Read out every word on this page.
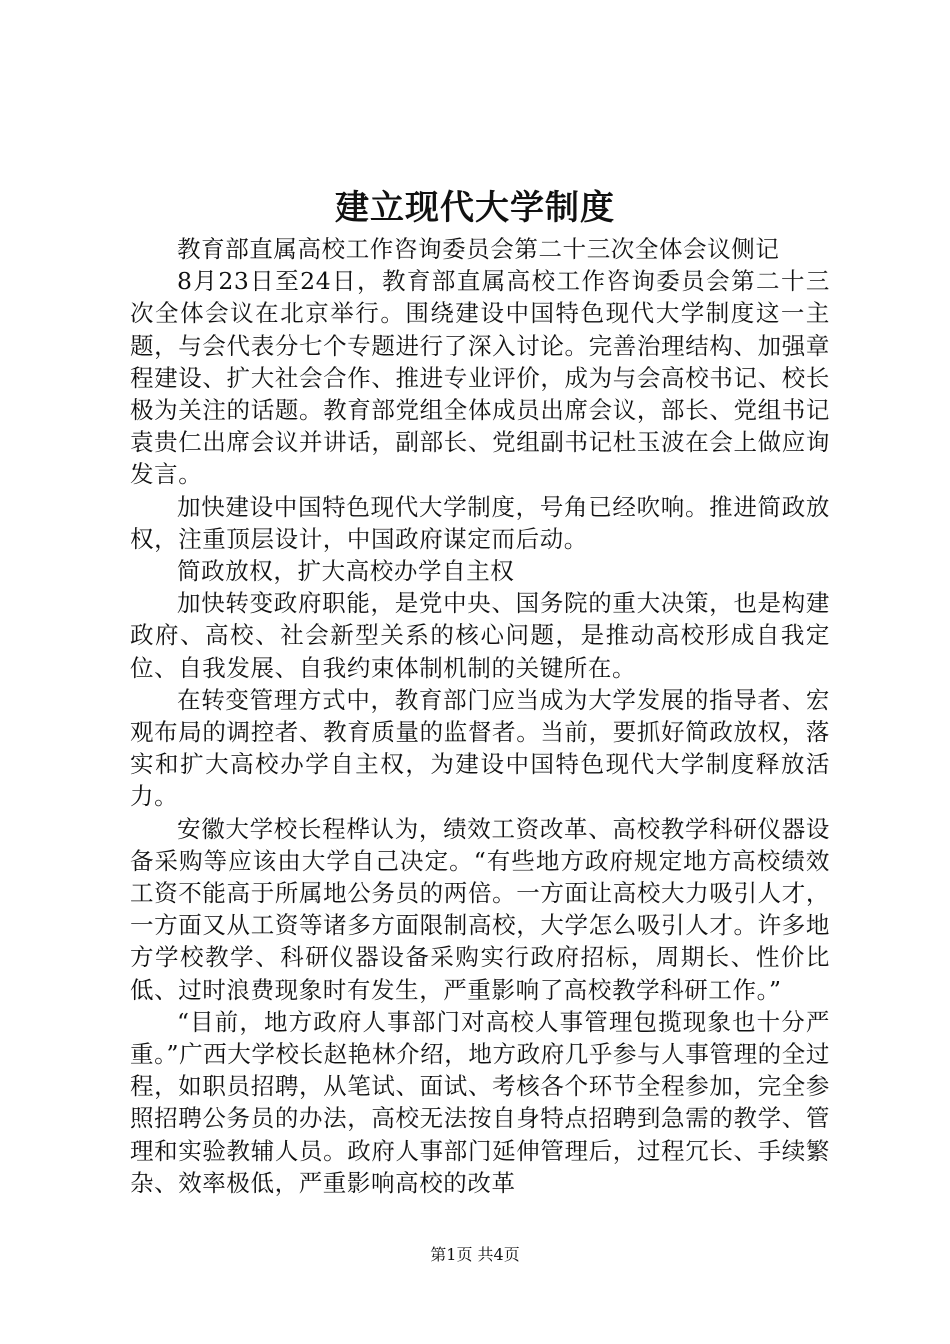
建立现代大学制度

教育部直属高校工作咨询委员会第二十三次全体会议侧记

8月23日至24日，教育部直属高校工作咨询委员会第二十三次全体会议在北京举行。围绕建设中国特色现代大学制度这一主题，与会代表分七个专题进行了深入讨论。完善治理结构、加强章程建设、扩大社会合作、推进专业评价，成为与会高校书记、校长极为关注的话题。教育部党组全体成员出席会议，部长、党组书记袁贵仁出席会议并讲话，副部长、党组副书记杜玉波在会上做应询发言。

加快建设中国特色现代大学制度，号角已经吹响。推进简政放权，注重顶层设计，中国政府谋定而后动。

简政放权，扩大高校办学自主权

加快转变政府职能，是党中央、国务院的重大决策，也是构建政府、高校、社会新型关系的核心问题，是推动高校形成自我定位、自我发展、自我约束体制机制的关键所在。

在转变管理方式中，教育部门应当成为大学发展的指导者、宏观布局的调控者、教育质量的监督者。当前，要抓好简政放权，落实和扩大高校办学自主权，为建设中国特色现代大学制度释放活力。

安徽大学校长程桦认为，绩效工资改革、高校教学科研仪器设备采购等应该由大学自己决定。“有些地方政府规定地方高校绩效工资不能高于所属地公务员的两倍。一方面让高校大力吸引人才，一方面又从工资等诸多方面限制高校，大学怎么吸引人才。许多地方学校教学、科研仪器设备采购实行政府招标，周期长、性价比低、过时浪费现象时有发生，严重影响了高校教学科研工作。”

“目前，地方政府人事部门对高校人事管理包揽现象也十分严重。”广西大学校长赵艳林介绍，地方政府几乎参与人事管理的全过程，如职员招聘，从笔试、面试、考核各个环节全程参加，完全参照招聘公务员的办法，高校无法按自身特点招聘到急需的教学、管理和实验教辅人员。政府人事部门延伸管理后，过程冗长、手续繁杂、效率极低，严重影响高校的改革

第1页 共4页
